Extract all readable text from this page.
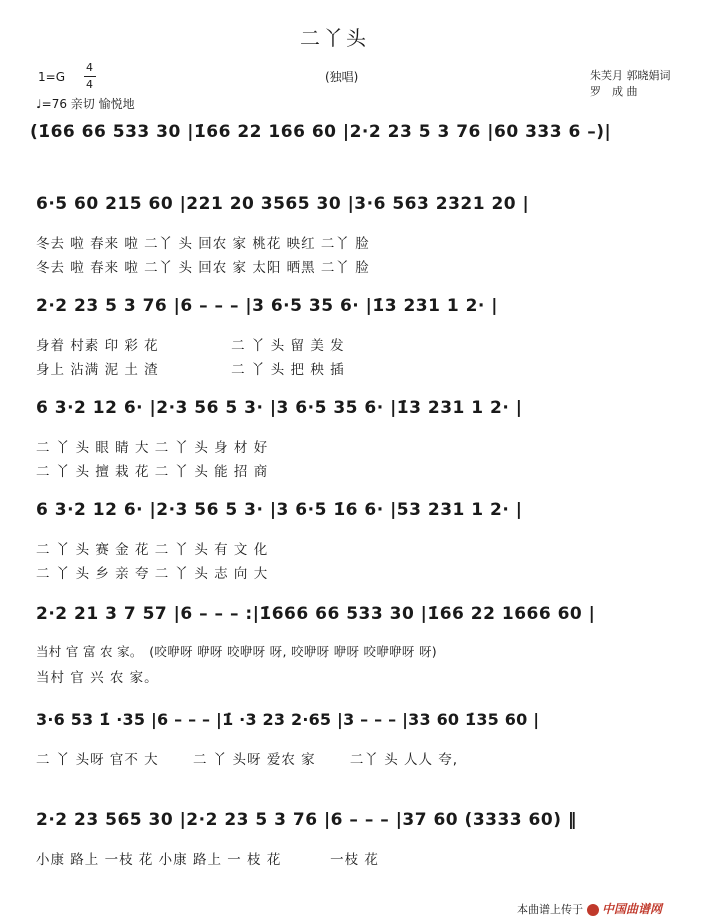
二丫头
(独唱)
1=G
4
4
♩=76 亲切 愉悦地
朱芙月 郭晓娟词
罗　成 曲
(1̇66 66 533 30 |1̇66 22 166 60 |2·2 23 5 3 76 |60 333 6 –)|
6·5 60 215 60 |221 20 3565 30 |3·6 563 2321 20 |
冬去 啦 春来 啦 二丫 头 回农 家 桃花 映红 二丫 脸
冬去 啦 春来 啦 二丫 头 回农 家 太阳 晒黑 二丫 脸
2·2 23 5 3 76 |6 – – – |3 6·5 35 6· |1̇3 231 1 2· |
身着 村素 印 彩 花　　　　　二 丫 头 留 美 发
身上 沾满 泥 土 渣　　　　　二 丫 头 把 秧 插
6 3·2 12 6· |2·3 56 5 3· |3 6·5 35 6· |1̇3 231 1 2· |
二 丫 头 眼 睛 大 二 丫 头 身 材 好
二 丫 头 擅 栽 花 二 丫 头 能 招 商
6 3·2 12 6· |2·3 56 5 3· |3 6·5 1̇6 6· |53 231 1 2· |
二 丫 头 赛 金 花 二 丫 头 有 文 化
二 丫 头 乡 亲 夸 二 丫 头 志 向 大
2·2 21 3 7 57 |6 – – – :|1̇666 66 533 30 |1̇66 22 1666 60 |
当村 官 富 农 家。　(咬咿呀 咿呀 咬咿呀 呀, 咬咿呀 咿呀 咬咿咿呀 呀)
当村 官 兴 农 家。
3·6 53 1̇ ·35 |6 – – – |1̇ ·3 23 2·65 |3 – – – |33 60 1̇35 60 |
二 丫 头呀 官不 大　　 二 丫 头呀 爱农 家　　 二丫 头 人人 夸,
2·2 23 565 30 |2·2 23 5 3 76 |6 – – – |37 60 (3333 60) ‖
小康 路上 一枝 花 小康 路上 一 枝 花　　　 一枝 花
本曲谱上传于 中国曲谱网
